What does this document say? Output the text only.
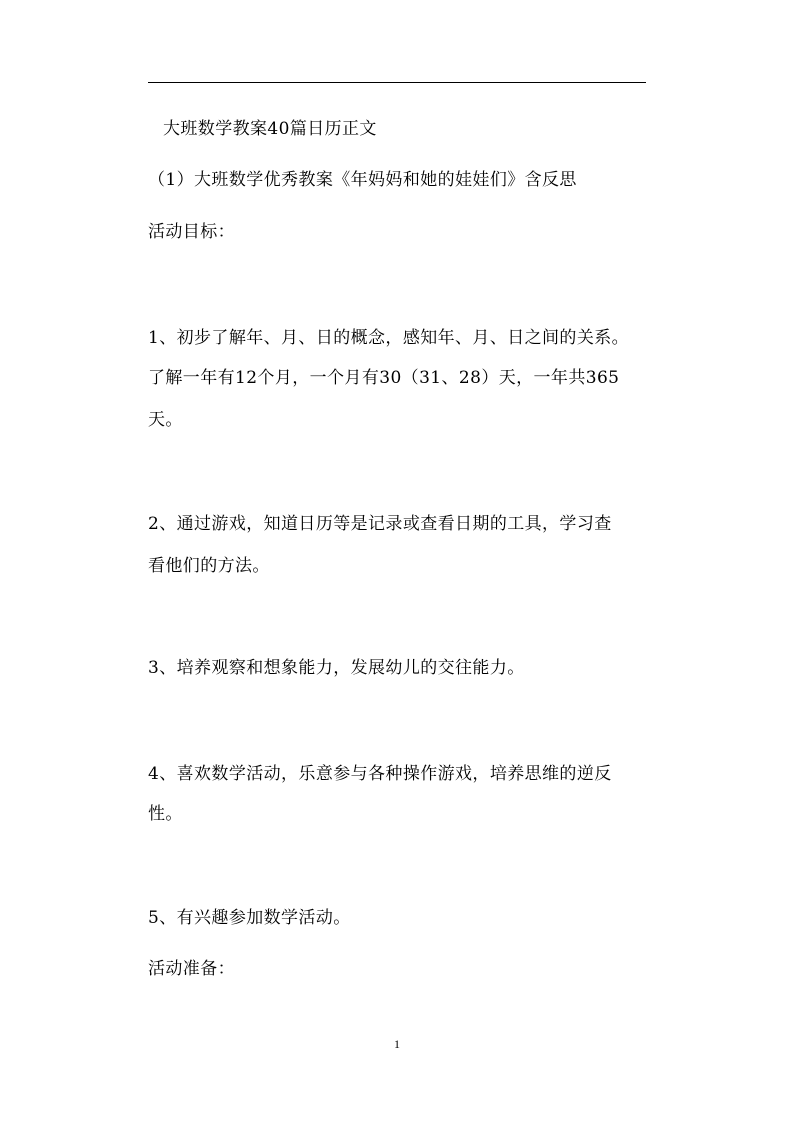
大班数学教案40篇日历正文
（1）大班数学优秀教案《年妈妈和她的娃娃们》含反思
活动目标：
1、初步了解年、月、日的概念，感知年、月、日之间的关系。
了解一年有12个月，一个月有30（31、28）天，一年共365
天。
2、通过游戏，知道日历等是记录或查看日期的工具，学习查
看他们的方法。
3、培养观察和想象能力，发展幼儿的交往能力。
4、喜欢数学活动，乐意参与各种操作游戏，培养思维的逆反
性。
5、有兴趣参加数学活动。
活动准备：
1
